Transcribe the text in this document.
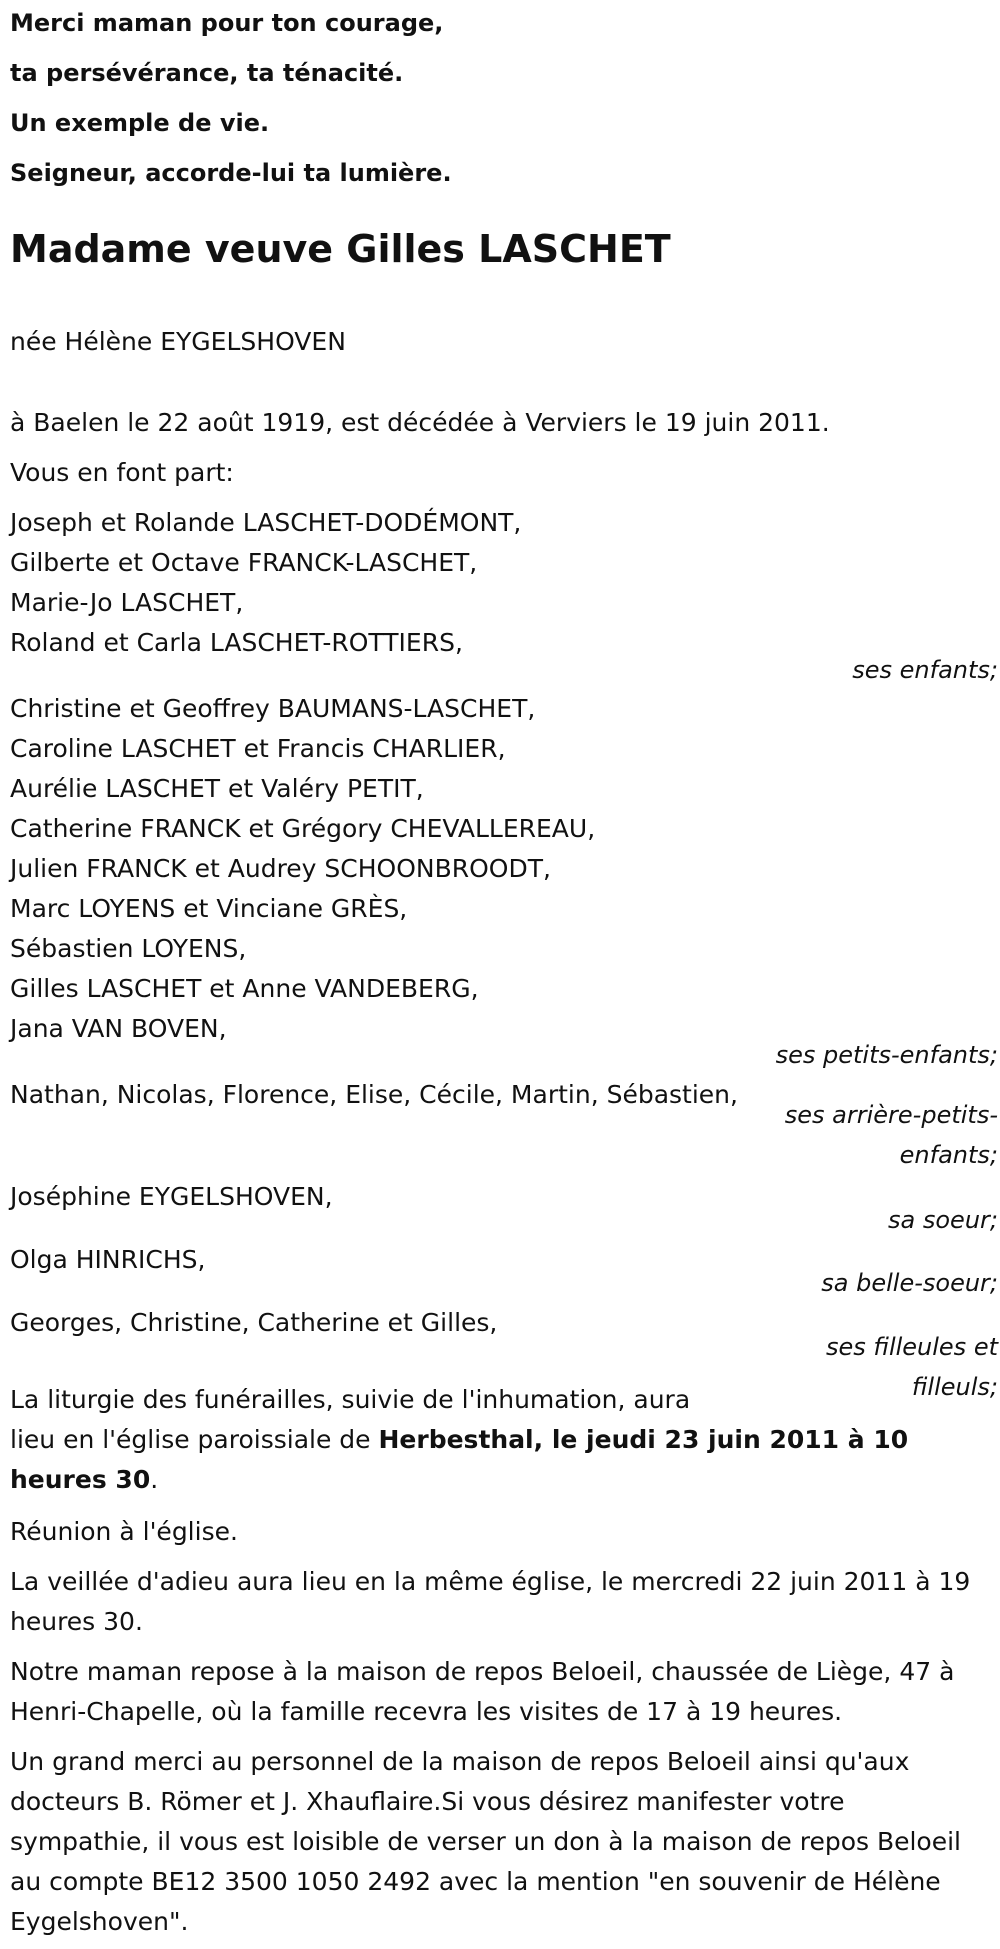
Merci maman pour ton courage,

ta persévérance, ta ténacité.

Un exemple de vie.

Seigneur, accorde-lui ta lumière.

Madame veuve Gilles LASCHET

née Hélène EYGELSHOVEN

à Baelen le 22 août 1919, est décédée à Verviers le 19 juin 2011.

Vous en font part:

Joseph et Rolande LASCHET-DODÉMONT,

Gilberte et Octave FRANCK-LASCHET,

Marie-Jo LASCHET,

Roland et Carla LASCHET-ROTTIERS,

ses enfants;

Christine et Geoffrey BAUMANS-LASCHET,

Caroline LASCHET et Francis CHARLIER,

Aurélie LASCHET et Valéry PETIT,

Catherine FRANCK et Grégory CHEVALLEREAU,

Julien FRANCK et Audrey SCHOONBROODT,

Marc LOYENS et Vinciane GRÈS,

Sébastien LOYENS,

Gilles LASCHET et Anne VANDEBERG,

Jana VAN BOVEN,

ses petits-enfants;

Nathan, Nicolas, Florence, Elise, Cécile, Martin, Sébastien,

ses arrière-petits-

enfants;

Joséphine EYGELSHOVEN,

sa soeur;

Olga HINRICHS,

sa belle-soeur;

Georges, Christine, Catherine et Gilles,

ses filleules et

filleuls;

La liturgie des funérailles, suivie de l'inhumation, aura

lieu en l'église paroissiale de Herbesthal, le jeudi 23 juin 2011 à 10

heures 30.

Réunion à l'église.

La veillée d'adieu aura lieu en la même église, le mercredi 22 juin 2011 à 19 heures 30.

Notre maman repose à la maison de repos Beloeil, chaussée de Liège, 47 à Henri-Chapelle, où la famille recevra les visites de 17 à 19 heures.

Un grand merci au personnel de la maison de repos Beloeil ainsi qu'aux docteurs B. Römer et J. Xhauflaire.Si vous désirez manifester votre sympathie, il vous est loisible de verser un don à la maison de repos Beloeil au compte BE12 3500 1050 2492 avec la mention "en souvenir de Hélène Eygelshoven".
